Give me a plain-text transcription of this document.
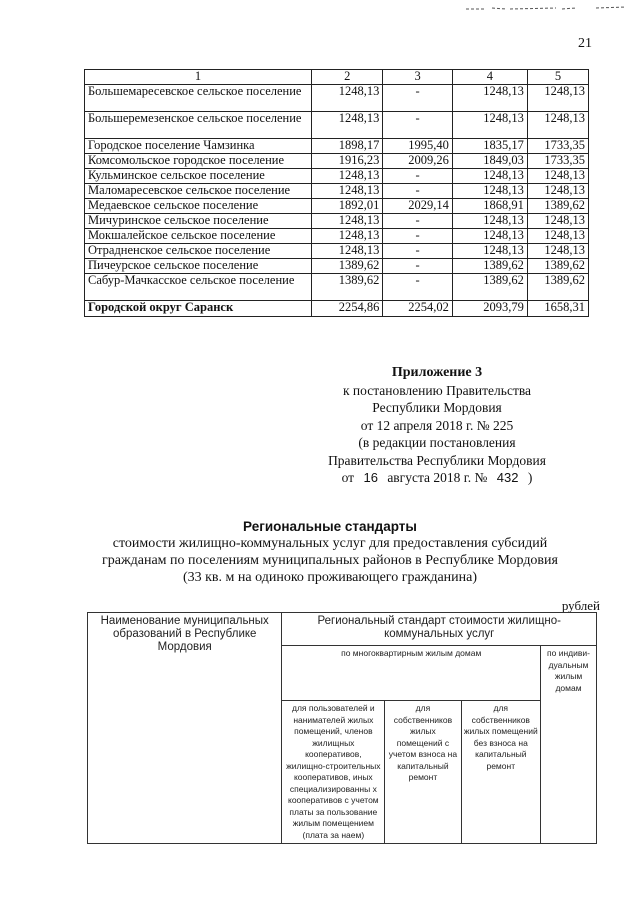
21
1	2	3	4	5
Большемаресевское сельское поселение	1248,13	-	1248,13	1248,13
Большеремезенское сельское поселение	1248,13	-	1248,13	1248,13
Городское поселение Чамзинка	1898,17	1995,40	1835,17	1733,35
Комсомольское городское поселение	1916,23	2009,26	1849,03	1733,35
Кульминское сельское поселение	1248,13	-	1248,13	1248,13
Маломаресевское сельское поселение	1248,13	-	1248,13	1248,13
Медаевское сельское поселение	1892,01	2029,14	1868,91	1389,62
Мичуринское сельское поселение	1248,13	-	1248,13	1248,13
Мокшалейское сельское поселение	1248,13	-	1248,13	1248,13
Отрадненское сельское поселение	1248,13	-	1248,13	1248,13
Пичеурское сельское поселение	1389,62	-	1389,62	1389,62
Сабур-Мачкасское сельское поселение	1389,62	-	1389,62	1389,62
Городской округ Саранск	2254,86	2254,02	2093,79	1658,31
Приложение 3
к постановлению Правительства
Республики Мордовия
от 12 апреля 2018 г. № 225
(в редакции постановления
Правительства Республики Мордовия
от 16 августа 2018 г. № 432 )
Региональные стандарты
стоимости жилищно-коммунальных услуг для предоставления субсидий
гражданам по поселениям муниципальных районов в Республике Мордовия
(33 кв. м на одиноко проживающего гражданина)
рублей
Наименование муниципальных образований в Республике Мордовия	Региональный стандарт стоимости жилищно-коммунальных услуг			
	по многоквартирным жилым домам			по индиви-дуальным жилым домам
	для пользователей и нанимателей жилых помещений, членов жилищных кооперативов, жилищно-строительных кооперативов, иных специализированны х кооперативов с учетом платы за пользование жилым помещением (плата за наем)	для собственников жилых помещений с учетом взноса на капитальный ремонт	для собственников жилых помещений без взноса на капитальный ремонт	
